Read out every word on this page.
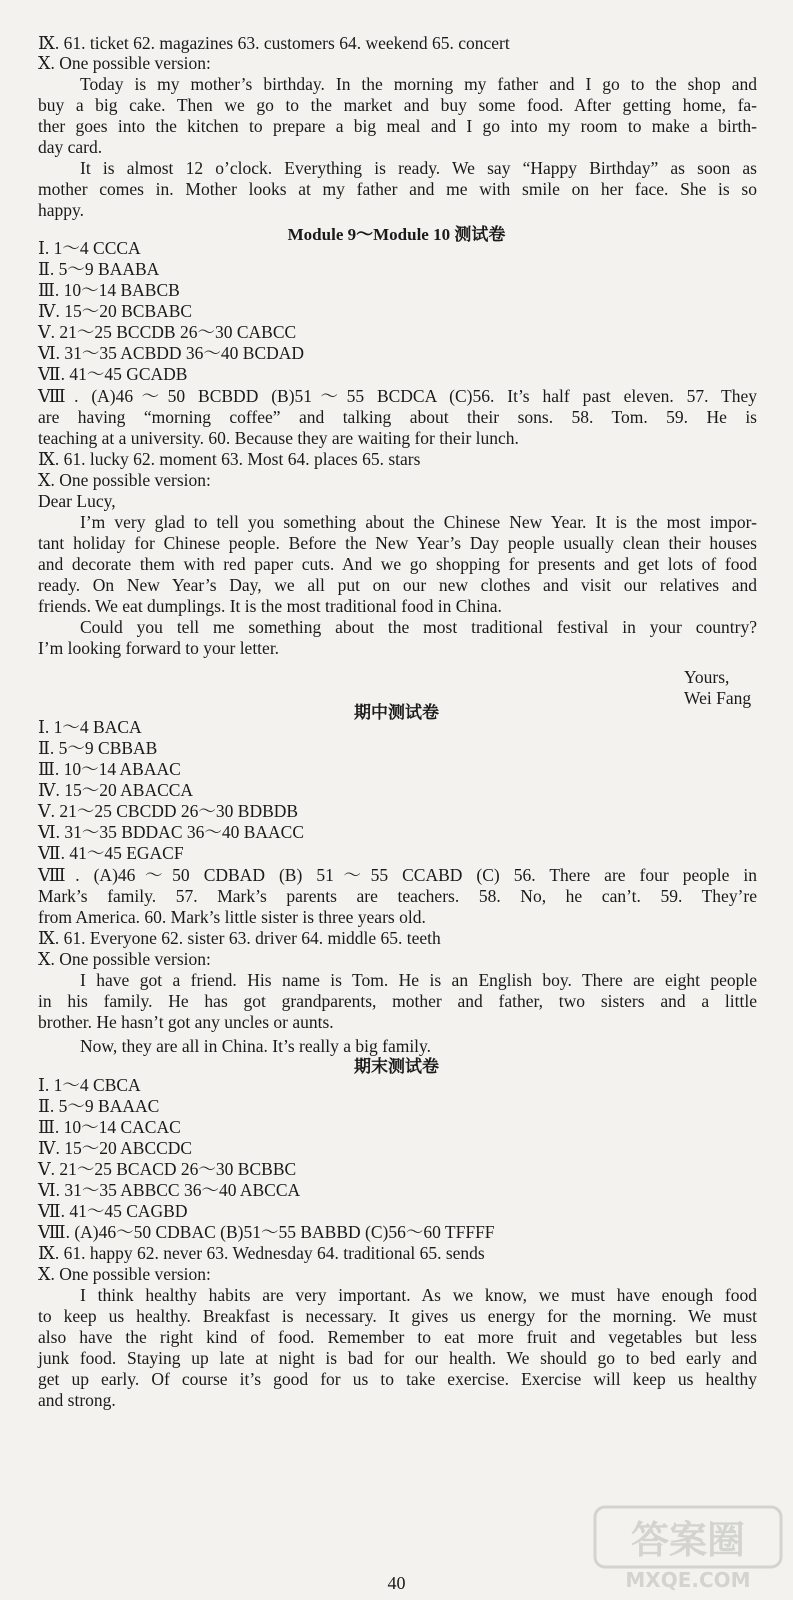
Ⅸ. 61. ticket 62. magazines 63. customers 64. weekend 65. concert
Ⅹ. One possible version:
Today is my mother’s birthday. In the morning my father and I go to the shop and
buy a big cake. Then we go to the market and buy some food. After getting home, fa-
ther goes into the kitchen to prepare a big meal and I go into my room to make a birth-
day card.
It is almost 12 o’clock. Everything is ready. We say “Happy Birthday” as soon as
mother comes in. Mother looks at my father and me with smile on her face. She is so
happy.
Module 9～Module 10 测试卷
Ⅰ. 1～4 CCCA
Ⅱ. 5～9 BAABA
Ⅲ. 10～14 BABCB
Ⅳ. 15～20 BCBABC
Ⅴ. 21～25 BCCDB 26～30 CABCC
Ⅵ. 31～35 ACBDD 36～40 BCDAD
Ⅶ. 41～45 GCADB
Ⅷ. (A)46～50 BCBDD (B)51～55 BCDCA (C)56. It’s half past eleven. 57. They
are having “morning coffee” and talking about their sons. 58. Tom. 59. He is
teaching at a university. 60. Because they are waiting for their lunch.
Ⅸ. 61. lucky 62. moment 63. Most 64. places 65. stars
Ⅹ. One possible version:
Dear Lucy,
I’m very glad to tell you something about the Chinese New Year. It is the most impor-
tant holiday for Chinese people. Before the New Year’s Day people usually clean their houses
and decorate them with red paper cuts. And we go shopping for presents and get lots of food
ready. On New Year’s Day, we all put on our new clothes and visit our relatives and
friends. We eat dumplings. It is the most traditional food in China.
Could you tell me something about the most traditional festival in your country?
I’m looking forward to your letter.
Yours,
Wei Fang
期中测试卷
Ⅰ. 1～4 BACA
Ⅱ. 5～9 CBBAB
Ⅲ. 10～14 ABAAC
Ⅳ. 15～20 ABACCA
Ⅴ. 21～25 CBCDD 26～30 BDBDB
Ⅵ. 31～35 BDDAC 36～40 BAACC
Ⅶ. 41～45 EGACF
Ⅷ. (A)46～50 CDBAD (B) 51～55 CCABD (C) 56. There are four people in
Mark’s family. 57. Mark’s parents are teachers. 58. No, he can’t. 59. They’re
from America. 60. Mark’s little sister is three years old.
Ⅸ. 61. Everyone 62. sister 63. driver 64. middle 65. teeth
Ⅹ. One possible version:
I have got a friend. His name is Tom. He is an English boy. There are eight people
in his family. He has got grandparents, mother and father, two sisters and a little
brother. He hasn’t got any uncles or aunts.
Now, they are all in China. It’s really a big family.
期末测试卷
Ⅰ. 1～4 CBCA
Ⅱ. 5～9 BAAAC
Ⅲ. 10～14 CACAC
Ⅳ. 15～20 ABCCDC
Ⅴ. 21～25 BCACD 26～30 BCBBC
Ⅵ. 31～35 ABBCC 36～40 ABCCA
Ⅶ. 41～45 CAGBD
Ⅷ. (A)46～50 CDBAC (B)51～55 BABBD (C)56～60 TFFFF
Ⅸ. 61. happy 62. never 63. Wednesday 64. traditional 65. sends
Ⅹ. One possible version:
I think healthy habits are very important. As we know, we must have enough food
to keep us healthy. Breakfast is necessary. It gives us energy for the morning. We must
also have the right kind of food. Remember to eat more fruit and vegetables but less
junk food. Staying up late at night is bad for our health. We should go to bed early and
get up early. Of course it’s good for us to take exercise. Exercise will keep us healthy
and strong.
答案圈
MXQE.COM
40
